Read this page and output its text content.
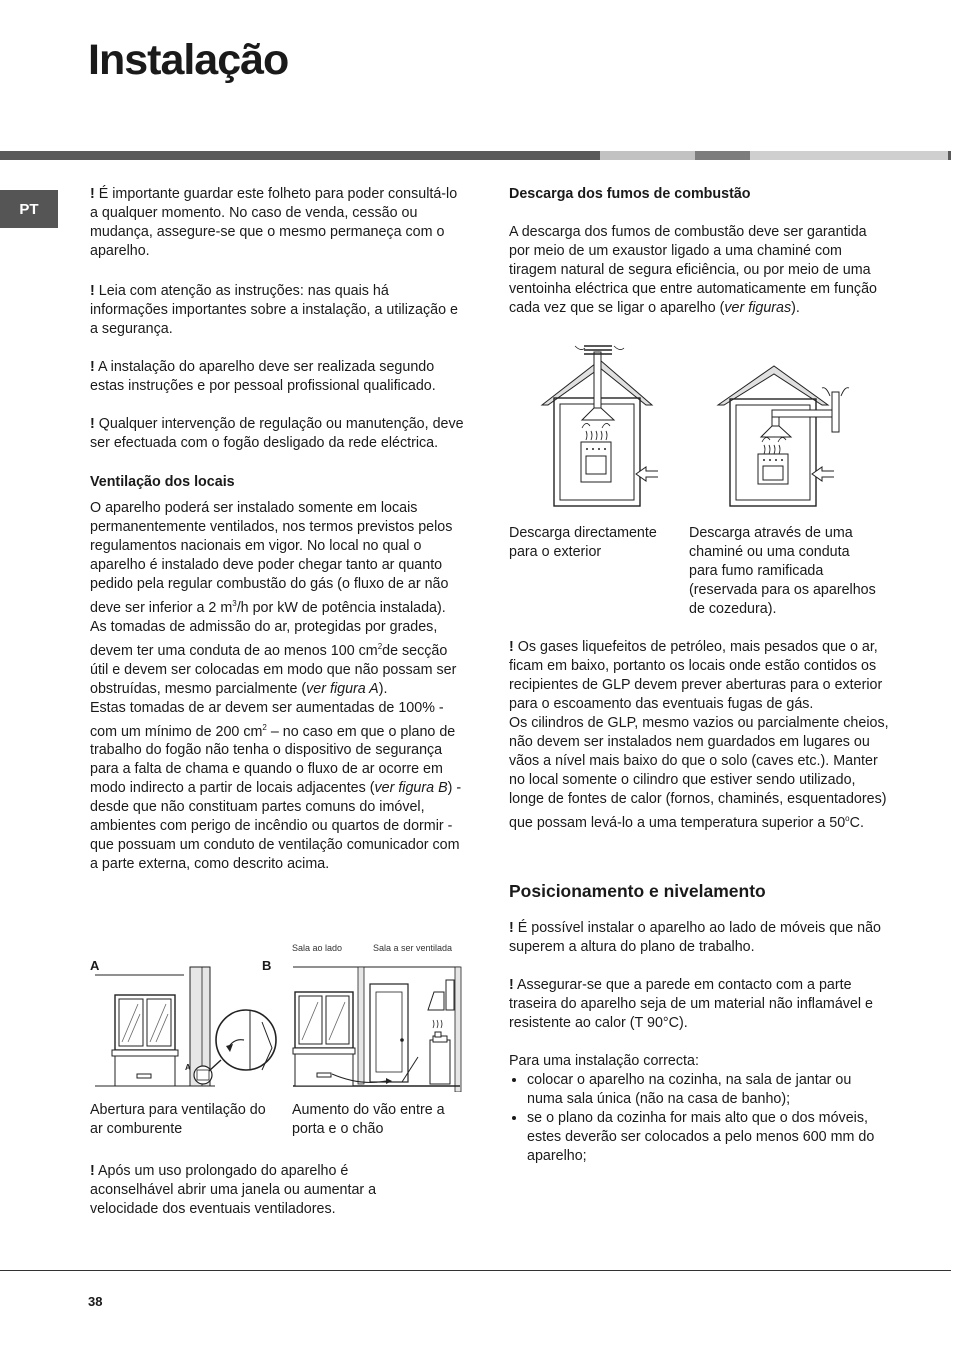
Instalação
PT

! É importante guardar este folheto para poder consultá-lo a qualquer momento. No caso de venda, cessão ou mudança, assegure-se que o mesmo permaneça com o aparelho.

! Leia com atenção as instruções: nas quais há informações importantes sobre a instalação, a utilização e a segurança.

! A instalação do aparelho deve ser realizada segundo estas instruções e por pessoal profissional qualificado.

! Qualquer intervenção de regulação ou manutenção, deve ser efectuada com o fogão desligado da rede eléctrica.

Ventilação dos locais

O aparelho poderá ser instalado somente em locais permanentemente ventilados, nos termos previstos pelos regulamentos nacionais em vigor. No local no qual o aparelho é instalado deve poder chegar tanto ar quanto pedido pela regular combustão do gás (o fluxo de ar não deve ser inferior a 2 $m^3/h$ por kW de potência instalada).

As tomadas de admissão do ar, protegidas por grades, devem ter uma conduta de ao menos 100 $cm^2de$ secção útil e devem ser colocadas em modo que não possam ser obstruídas, mesmo parcialmente (ver figura A).

Estas tomadas de ar devem ser aumentadas de 100% - com um mínimo de 200 $cm^2$ – no caso em que o plano de trabalho do fogão não tenha o dispositivo de segurança para a falta de chama e quando o fluxo de ar ocorre em modo indirecto a partir de locais adjacentes (ver figura B) - desde que não constituam partes comuns do imóvel, ambientes com perigo de incêndio ou quartos de dormir - que possuam um conduto de ventilação comunicador com a parte externa, como descrito acima.

A	B
Sala ao lado	Sala a ser ventilada
A
Abertura para ventilação do ar comburente
Aumento do vão entre a porta e o chão

! Após um uso prolongado do aparelho é aconselhável abrir uma janela ou aumentar a velocidade dos eventuais ventiladores.

Descarga dos fumos de combustão

A descarga dos fumos de combustão deve ser garantida por meio de um exaustor ligado a uma chaminé com tiragem natural de segura eficiência, ou por meio de uma ventoinha eléctrica que entre automaticamente em função cada vez que se ligar o aparelho (ver figuras).

Descarga directamente para o exterior
Descarga através de uma chaminé ou uma conduta para fumo ramificada (reservada para os aparelhos de cozedura).

! Os gases liquefeitos de petróleo, mais pesados que o ar, ficam em baixo, portanto os locais onde estão contidos os recipientes de GLP devem prever aberturas para o exterior para o escoamento das eventuais fugas de gás.

Os cilindros de GLP, mesmo vazios ou parcialmente cheios, não devem ser instalados nem guardados em lugares ou vãos a nível mais baixo do que o solo (caves etc.). Manter no local somente o cilindro que estiver sendo utilizado, longe de fontes de calor (fornos, chaminés, esquentadores) que possam levá-lo a uma temperatura superior a 50$^o$C.

Posicionamento e nivelamento

! É possível instalar o aparelho ao lado de móveis que não superem a altura do plano de trabalho.

! Assegurar-se que a parede em contacto com a parte traseira do aparelho seja de um material não inflamável e resistente ao calor (T 90°C).

Para uma instalação correcta:

• colocar o aparelho na cozinha, na sala de jantar ou numa sala única (não na casa de banho);
• se o plano da cozinha for mais alto que o dos móveis, estes deverão ser colocados a pelo menos 600 mm do aparelho;
38
